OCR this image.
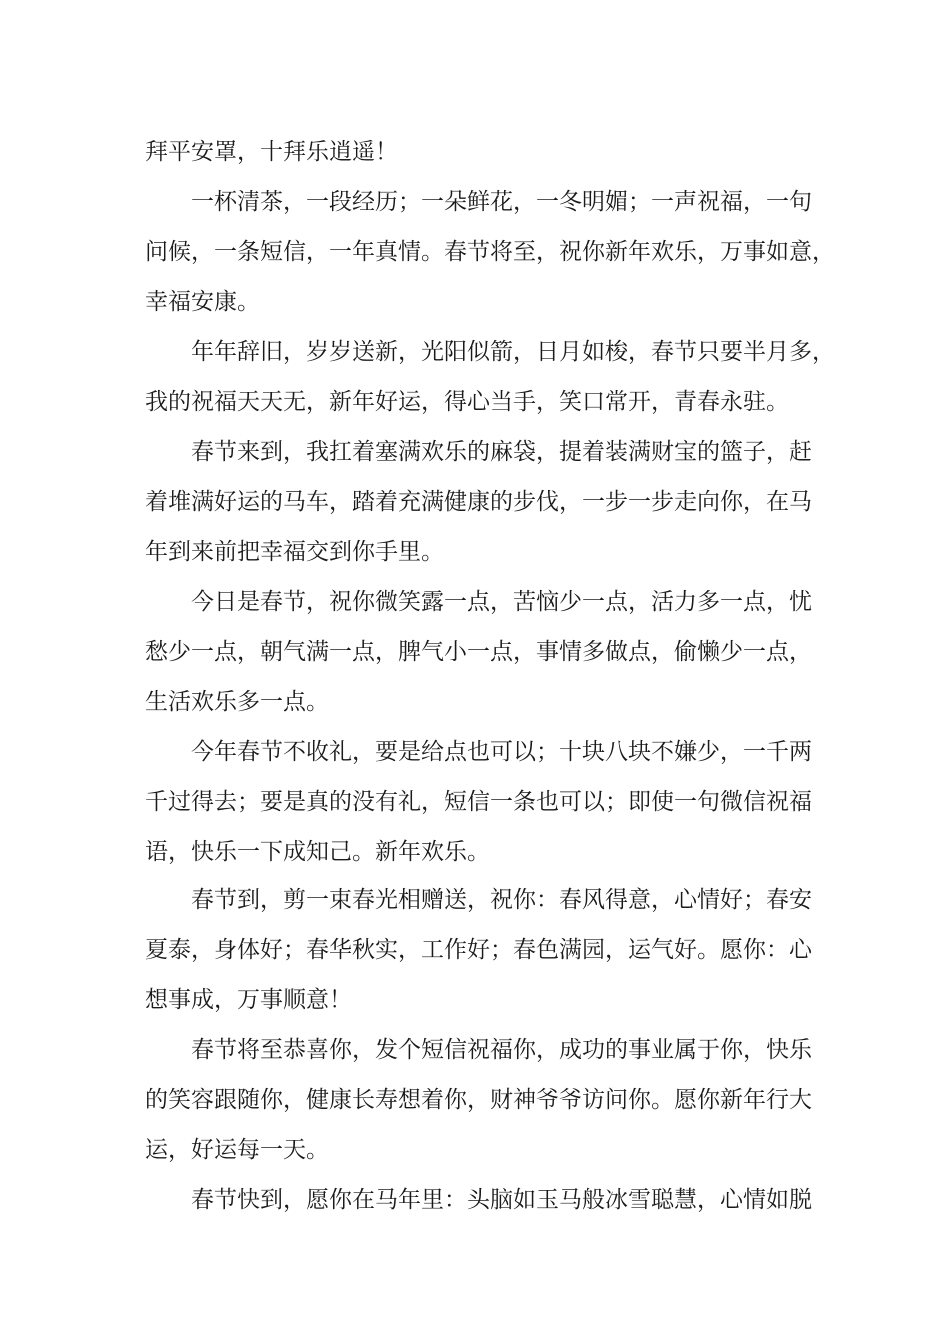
拜平安罩，十拜乐逍遥！
一杯清茶，一段经历；一朵鲜花，一冬明媚；一声祝福，一句
问候，一条短信，一年真情。春节将至，祝你新年欢乐，万事如意，
幸福安康。
年年辞旧，岁岁送新，光阳似箭，日月如梭，春节只要半月多，
我的祝福天天无，新年好运，得心当手，笑口常开，青春永驻。
春节来到，我扛着塞满欢乐的麻袋，提着装满财宝的篮子，赶
着堆满好运的马车，踏着充满健康的步伐，一步一步走向你，在马
年到来前把幸福交到你手里。
今日是春节，祝你微笑露一点，苦恼少一点，活力多一点，忧
愁少一点，朝气满一点，脾气小一点，事情多做点，偷懒少一点，
生活欢乐多一点。
今年春节不收礼，要是给点也可以；十块八块不嫌少，一千两
千过得去；要是真的没有礼，短信一条也可以；即使一句微信祝福
语，快乐一下成知己。新年欢乐。
春节到，剪一束春光相赠送，祝你：春风得意，心情好；春安
夏泰，身体好；春华秋实，工作好；春色满园，运气好。愿你：心
想事成，万事顺意！
春节将至恭喜你，发个短信祝福你，成功的事业属于你，快乐
的笑容跟随你，健康长寿想着你，财神爷爷访问你。愿你新年行大
运，好运每一天。
春节快到，愿你在马年里：头脑如玉马般冰雪聪慧，心情如脱
